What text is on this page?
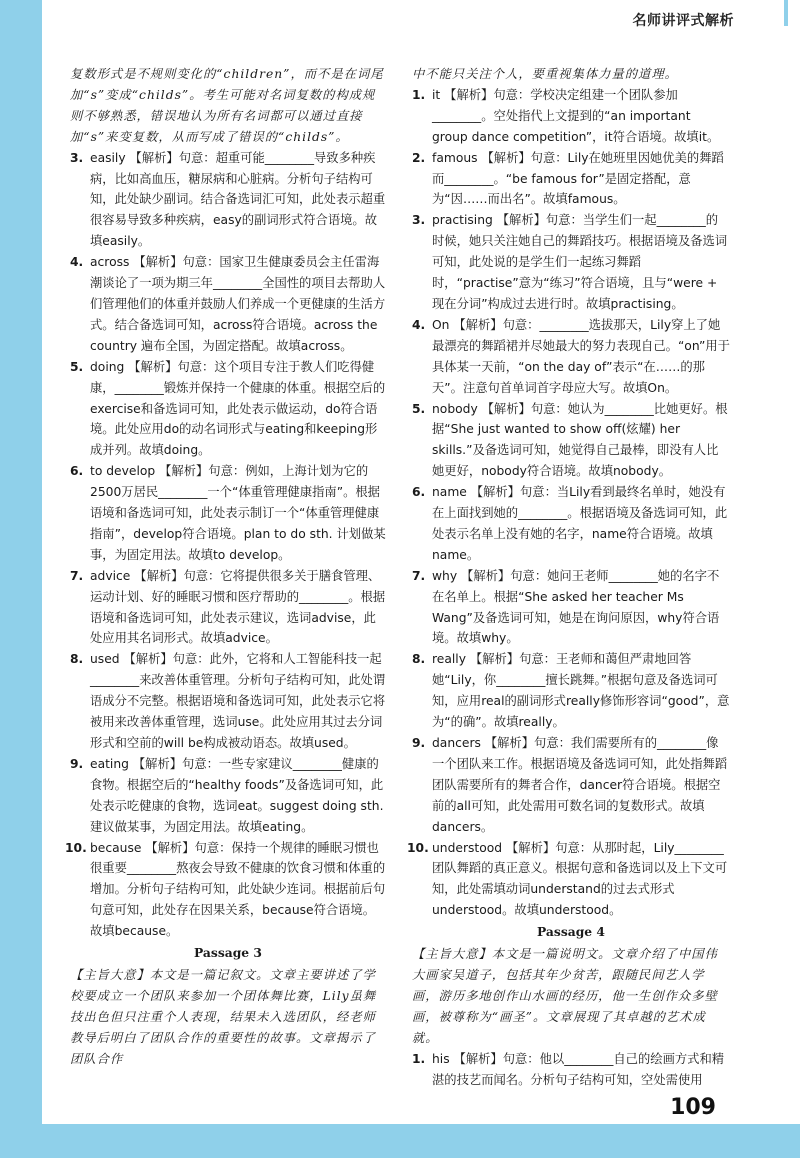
名师讲评式解析

复数形式是不规则变化的“children”，而不是在词尾加“s”变成“childs”。考生可能对名词复数的构成规则不够熟悉，错误地认为所有名词都可以通过直接加“s”来变复数，从而写成了错误的“childs”。

3. easily 【解析】句意：超重可能________导致多种疾病，比如高血压，糖尿病和心脏病。分析句子结构可知，此处缺少副词。结合备选词汇可知，此处表示超重很容易导致多种疾病，easy的副词形式符合语境。故填easily。
4. across 【解析】句意：国家卫生健康委员会主任雷海潮谈论了一项为期三年________全国性的项目去帮助人们管理他们的体重并鼓励人们养成一个更健康的生活方式。结合备选词可知，across符合语境。across the country 遍布全国，为固定搭配。故填across。
5. doing 【解析】句意：这个项目专注于教人们吃得健康，________锻炼并保持一个健康的体重。根据空后的exercise和备选词可知，此处表示做运动，do符合语境。此处应用do的动名词形式与eating和keeping形成并列。故填doing。
6. to develop 【解析】句意：例如，上海计划为它的2500万居民________一个“体重管理健康指南”。根据语境和备选词可知，此处表示制订一个“体重管理健康指南”，develop符合语境。plan to do sth. 计划做某事，为固定用法。故填to develop。
7. advice 【解析】句意：它将提供很多关于膳食管理、运动计划、好的睡眠习惯和医疗帮助的________。根据语境和备选词可知，此处表示建议，选词advise，此处应用其名词形式。故填advice。
8. used 【解析】句意：此外，它将和人工智能科技一起________来改善体重管理。分析句子结构可知，此处谓语成分不完整。根据语境和备选词可知，此处表示它将被用来改善体重管理，选词use。此处应用其过去分词形式和空前的will be构成被动语态。故填used。
9. eating 【解析】句意：一些专家建议________健康的食物。根据空后的“healthy foods”及备选词可知，此处表示吃健康的食物，选词eat。suggest doing sth. 建议做某事，为固定用法。故填eating。
10. because 【解析】句意：保持一个规律的睡眠习惯也很重要________熬夜会导致不健康的饮食习惯和体重的增加。分析句子结构可知，此处缺少连词。根据前后句句意可知，此处存在因果关系，because符合语境。故填because。

Passage 3

【主旨大意】本文是一篇记叙文。文章主要讲述了学校要成立一个团队来参加一个团体舞比赛，Lily虽舞技出色但只注重个人表现，结果未入选团队，经老师教导后明白了团队合作的重要性的故事。文章揭示了团队合作

中不能只关注个人，要重视集体力量的道理。

1. it 【解析】句意：学校决定组建一个团队参加________。空处指代上文提到的“an important group dance competition”，it符合语境。故填it。
2. famous 【解析】句意：Lily在她班里因她优美的舞蹈而________。“be famous for”是固定搭配，意为“因……而出名”。故填famous。
3. practising 【解析】句意：当学生们一起________的时候，她只关注她自己的舞蹈技巧。根据语境及备选词可知，此处说的是学生们一起练习舞蹈时，“practise”意为“练习”符合语境，且与“were + 现在分词”构成过去进行时。故填practising。
4. On 【解析】句意：________选拔那天，Lily穿上了她最漂亮的舞蹈裙并尽她最大的努力表现自己。“on”用于具体某一天前，“on the day of”表示“在……的那天”。注意句首单词首字母应大写。故填On。
5. nobody 【解析】句意：她认为________比她更好。根据“She just wanted to show off(炫耀) her skills.”及备选词可知，她觉得自己最棒，即没有人比她更好，nobody符合语境。故填nobody。
6. name 【解析】句意：当Lily看到最终名单时，她没有在上面找到她的________。根据语境及备选词可知，此处表示名单上没有她的名字，name符合语境。故填name。
7. why 【解析】句意：她问王老师________她的名字不在名单上。根据“She asked her teacher Ms Wang”及备选词可知，她是在询问原因，why符合语境。故填why。
8. really 【解析】句意：王老师和蔼但严肃地回答她“Lily，你________擅长跳舞。”根据句意及备选词可知，应用real的副词形式really修饰形容词“good”，意为“的确”。故填really。
9. dancers 【解析】句意：我们需要所有的________像一个团队来工作。根据语境及备选词可知，此处指舞蹈团队需要所有的舞者合作，dancer符合语境。根据空前的all可知，此处需用可数名词的复数形式。故填dancers。
10. understood 【解析】句意：从那时起，Lily________团队舞蹈的真正意义。根据句意和备选词以及上下文可知，此处需填动词understand的过去式形式understood。故填understood。

Passage 4

【主旨大意】本文是一篇说明文。文章介绍了中国伟大画家吴道子，包括其年少贫苦，跟随民间艺人学画，游历多地创作山水画的经历，他一生创作众多壁画，被尊称为“画圣”。文章展现了其卓越的艺术成就。

1. his 【解析】句意：他以________自己的绘画方式和精湛的技艺而闻名。分析句子结构可知，空处需使用
109
